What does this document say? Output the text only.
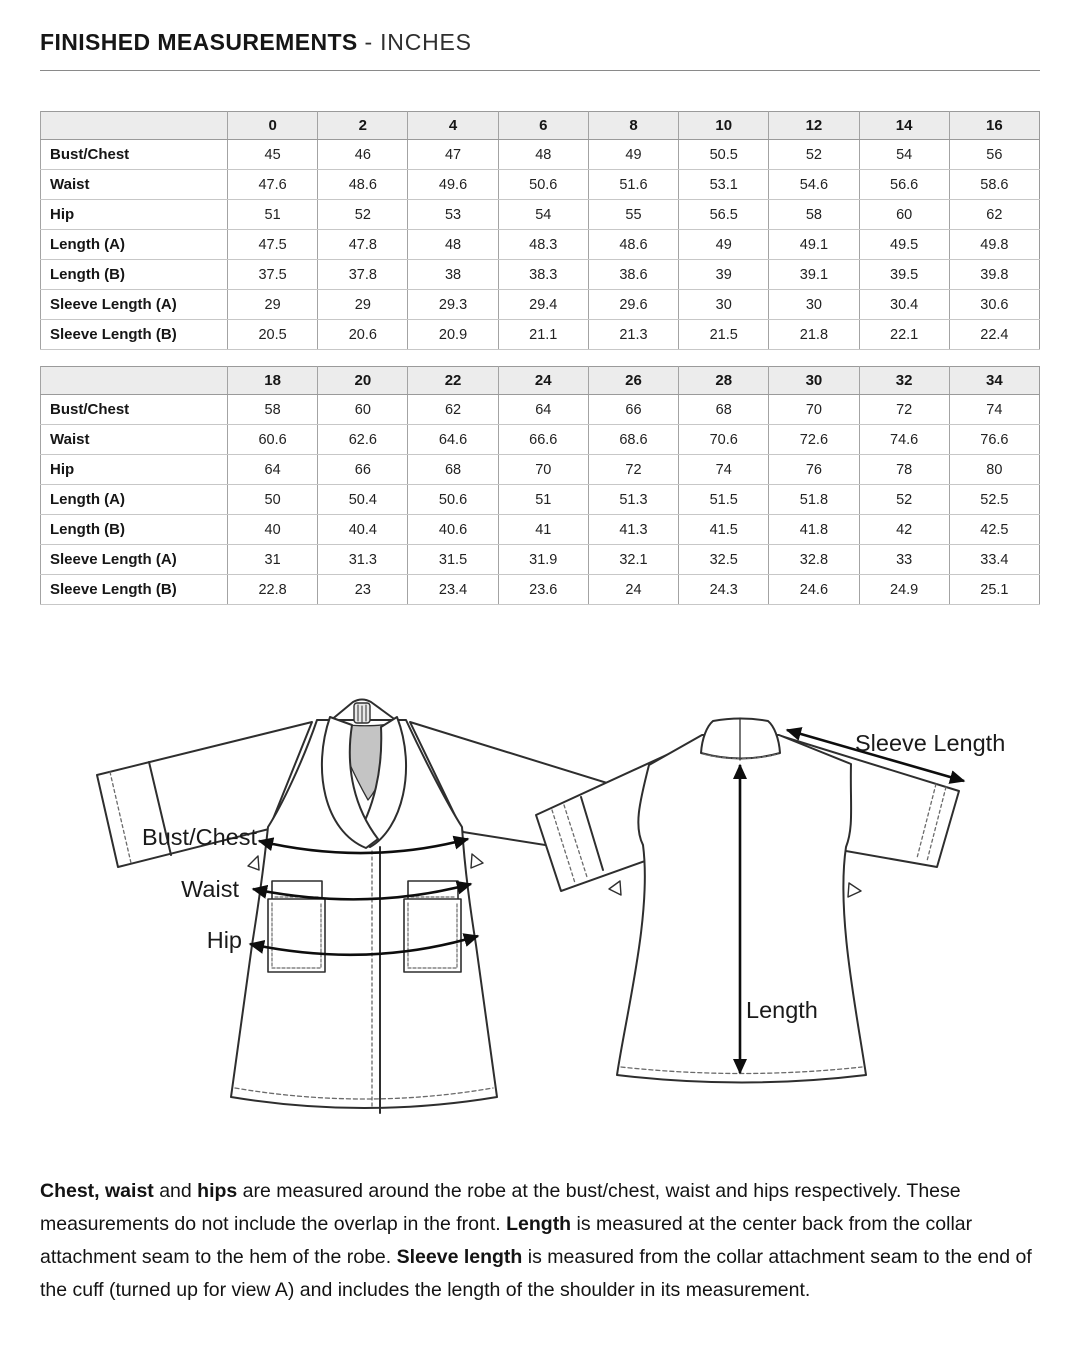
FINISHED MEASUREMENTS - INCHES
	0	2	4	6	8	10	12	14	16
Bust/Chest	45	46	47	48	49	50.5	52	54	56
Waist	47.6	48.6	49.6	50.6	51.6	53.1	54.6	56.6	58.6
Hip	51	52	53	54	55	56.5	58	60	62
Length (A)	47.5	47.8	48	48.3	48.6	49	49.1	49.5	49.8
Length (B)	37.5	37.8	38	38.3	38.6	39	39.1	39.5	39.8
Sleeve Length (A)	29	29	29.3	29.4	29.6	30	30	30.4	30.6
Sleeve Length (B)	20.5	20.6	20.9	21.1	21.3	21.5	21.8	22.1	22.4
	18	20	22	24	26	28	30	32	34
Bust/Chest	58	60	62	64	66	68	70	72	74
Waist	60.6	62.6	64.6	66.6	68.6	70.6	72.6	74.6	76.6
Hip	64	66	68	70	72	74	76	78	80
Length (A)	50	50.4	50.6	51	51.3	51.5	51.8	52	52.5
Length (B)	40	40.4	40.6	41	41.3	41.5	41.8	42	42.5
Sleeve Length (A)	31	31.3	31.5	31.9	32.1	32.5	32.8	33	33.4
Sleeve Length (B)	22.8	23	23.4	23.6	24	24.3	24.6	24.9	25.1
Bust/Chest
Waist
Hip
Sleeve Length
Length

Chest, waist and hips are measured around the robe at the bust/chest, waist and hips respectively. These measurements do not include the overlap in the front. Length is measured at the center back from the collar attachment seam to the hem of the robe. Sleeve length is measured from the collar attachment seam to the end of the cuff (turned up for view A) and includes the length of the shoulder in its measurement.
